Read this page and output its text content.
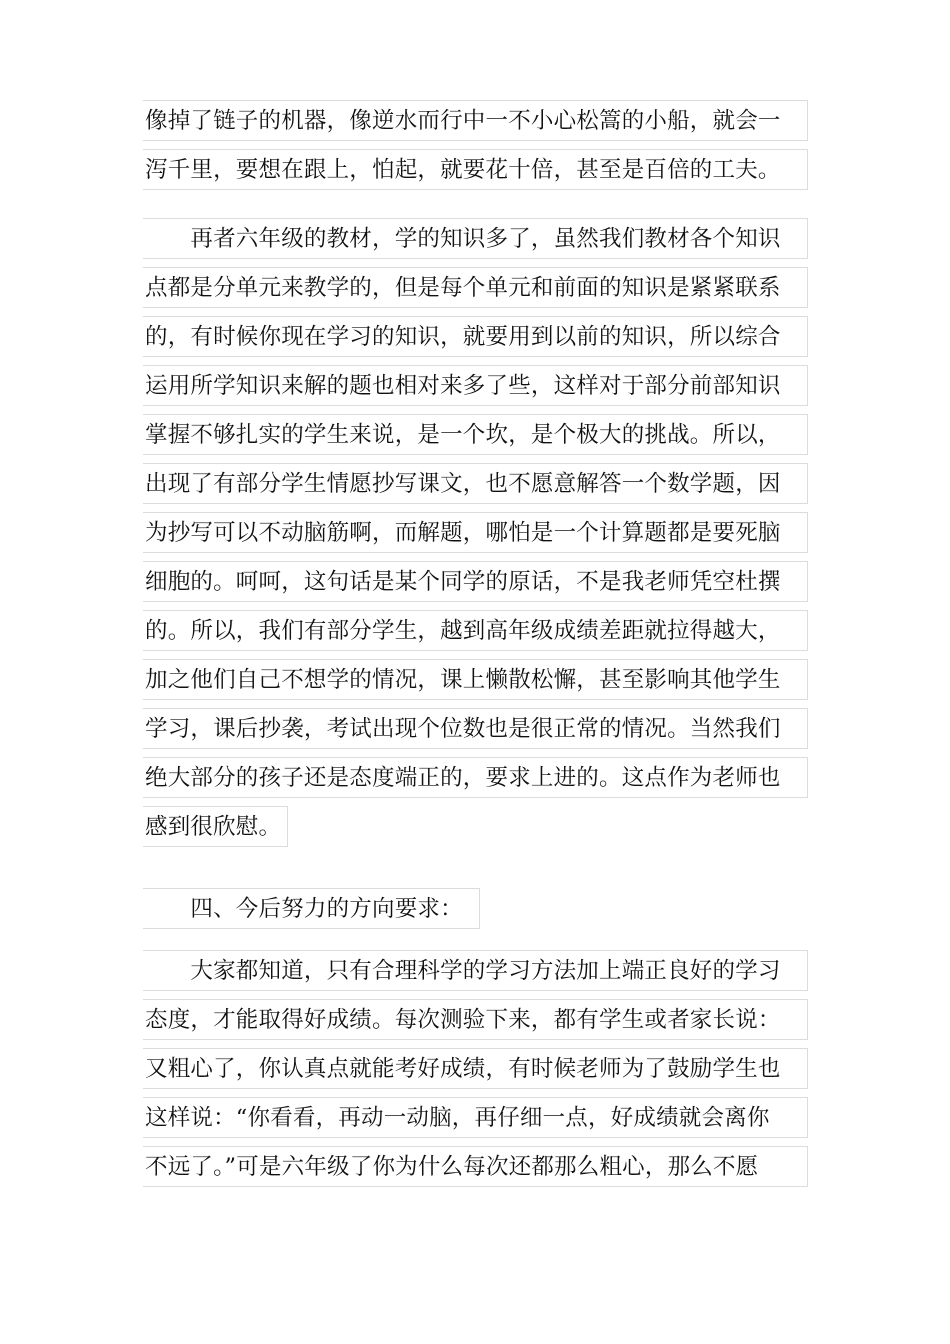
像掉了链子的机器，像逆水而行中一不小心松篙的小船，就会一
泻千里，要想在跟上，怕起，就要花十倍，甚至是百倍的工夫。
　　再者六年级的教材，学的知识多了，虽然我们教材各个知识
点都是分单元来教学的，但是每个单元和前面的知识是紧紧联系
的，有时候你现在学习的知识，就要用到以前的知识，所以综合
运用所学知识来解的题也相对来多了些，这样对于部分前部知识
掌握不够扎实的学生来说，是一个坎，是个极大的挑战。所以，
出现了有部分学生情愿抄写课文，也不愿意解答一个数学题，因
为抄写可以不动脑筋啊，而解题，哪怕是一个计算题都是要死脑
细胞的。呵呵，这句话是某个同学的原话，不是我老师凭空杜撰
的。所以，我们有部分学生，越到高年级成绩差距就拉得越大，
加之他们自己不想学的情况，课上懒散松懈，甚至影响其他学生
学习，课后抄袭，考试出现个位数也是很正常的情况。当然我们
绝大部分的孩子还是态度端正的，要求上进的。这点作为老师也
感到很欣慰。
　　四、今后努力的方向要求：
　　大家都知道，只有合理科学的学习方法加上端正良好的学习
态度，才能取得好成绩。每次测验下来，都有学生或者家长说：
又粗心了，你认真点就能考好成绩，有时候老师为了鼓励学生也
这样说：“你看看，再动一动脑，再仔细一点，好成绩就会离你
不远了。”可是六年级了你为什么每次还都那么粗心，那么不愿
